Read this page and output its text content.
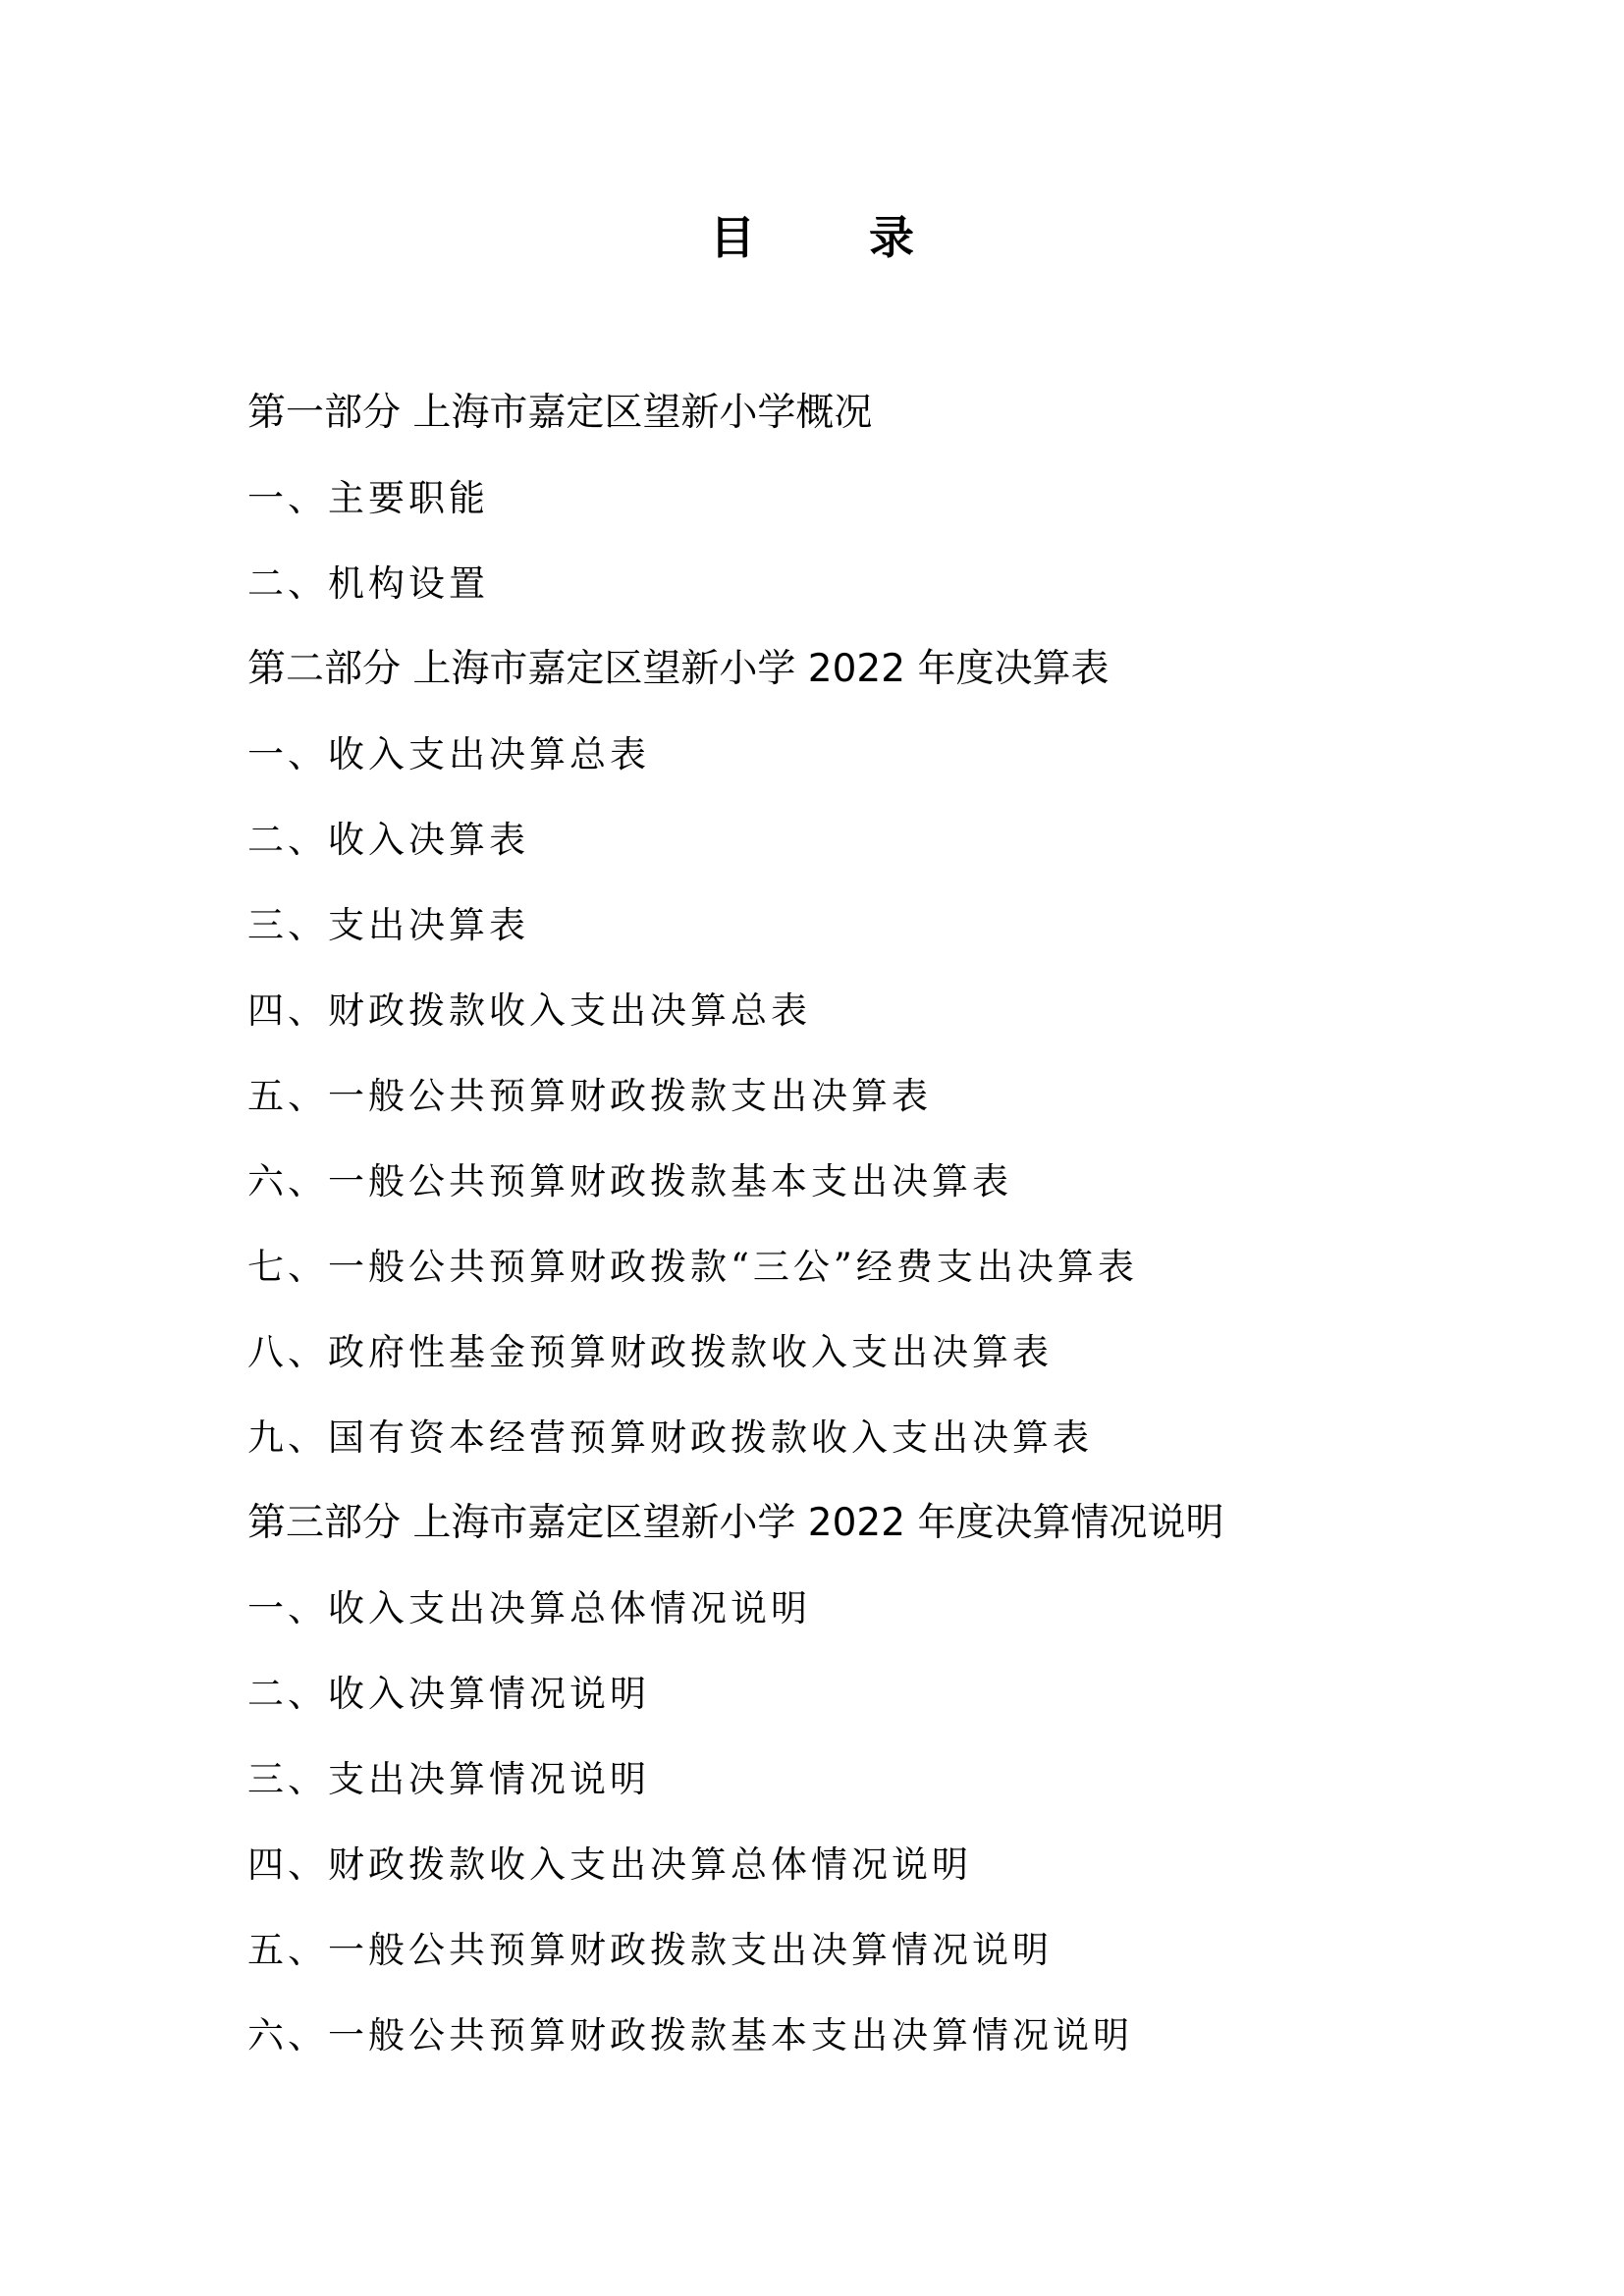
目 录
第一部分 上海市嘉定区望新小学概况
一、主要职能
二、机构设置
第二部分 上海市嘉定区望新小学 2022 年度决算表
一、收入支出决算总表
二、收入决算表
三、支出决算表
四、财政拨款收入支出决算总表
五、一般公共预算财政拨款支出决算表
六、一般公共预算财政拨款基本支出决算表
七、一般公共预算财政拨款“三公”经费支出决算表
八、政府性基金预算财政拨款收入支出决算表
九、国有资本经营预算财政拨款收入支出决算表
第三部分 上海市嘉定区望新小学 2022 年度决算情况说明
一、收入支出决算总体情况说明
二、收入决算情况说明
三、支出决算情况说明
四、财政拨款收入支出决算总体情况说明
五、一般公共预算财政拨款支出决算情况说明
六、一般公共预算财政拨款基本支出决算情况说明
